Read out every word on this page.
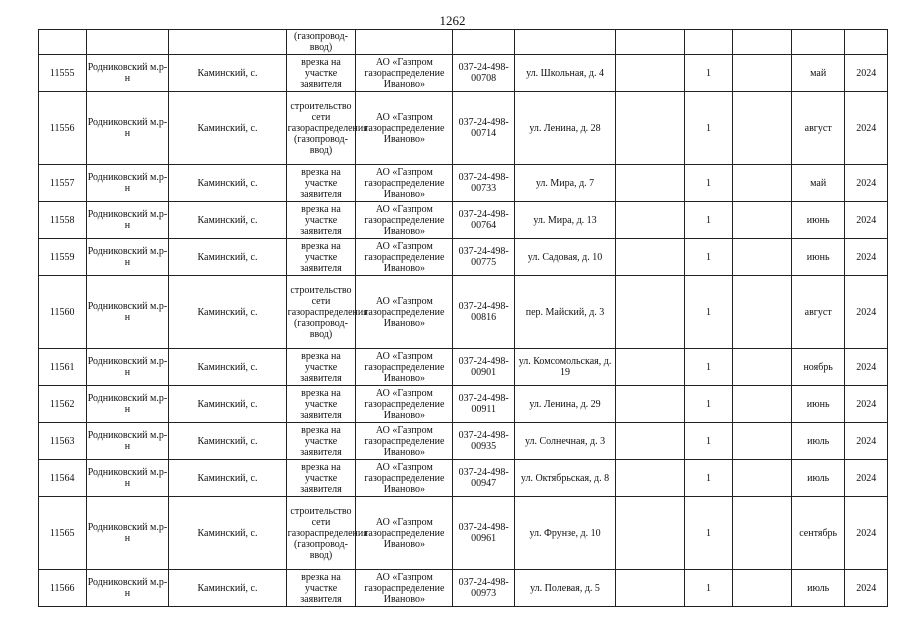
1262
			(газопровод-ввод)								
11555	Родниковский м.р-н	Каминский, с.	врезка на участке заявителя	АО «Газпром газораспределение Иваново»	037-24-498-00708	ул. Школьная, д. 4		1		май	2024
11556	Родниковский м.р-н	Каминский, с.	строительство сети газораспределения (газопровод-ввод)	АО «Газпром газораспределение Иваново»	037-24-498-00714	ул. Ленина, д. 28		1		август	2024
11557	Родниковский м.р-н	Каминский, с.	врезка на участке заявителя	АО «Газпром газораспределение Иваново»	037-24-498-00733	ул. Мира, д. 7		1		май	2024
11558	Родниковский м.р-н	Каминский, с.	врезка на участке заявителя	АО «Газпром газораспределение Иваново»	037-24-498-00764	ул. Мира, д. 13		1		июнь	2024
11559	Родниковский м.р-н	Каминский, с.	врезка на участке заявителя	АО «Газпром газораспределение Иваново»	037-24-498-00775	ул. Садовая, д. 10		1		июнь	2024
11560	Родниковский м.р-н	Каминский, с.	строительство сети газораспределения (газопровод-ввод)	АО «Газпром газораспределение Иваново»	037-24-498-00816	пер. Майский, д. 3		1		август	2024
11561	Родниковский м.р-н	Каминский, с.	врезка на участке заявителя	АО «Газпром газораспределение Иваново»	037-24-498-00901	ул. Комсомольская, д. 19		1		ноябрь	2024
11562	Родниковский м.р-н	Каминский, с.	врезка на участке заявителя	АО «Газпром газораспределение Иваново»	037-24-498-00911	ул. Ленина, д. 29		1		июнь	2024
11563	Родниковский м.р-н	Каминский, с.	врезка на участке заявителя	АО «Газпром газораспределение Иваново»	037-24-498-00935	ул. Солнечная, д. 3		1		июль	2024
11564	Родниковский м.р-н	Каминский, с.	врезка на участке заявителя	АО «Газпром газораспределение Иваново»	037-24-498-00947	ул. Октябрьская, д. 8		1		июль	2024
11565	Родниковский м.р-н	Каминский, с.	строительство сети газораспределения (газопровод-ввод)	АО «Газпром газораспределение Иваново»	037-24-498-00961	ул. Фрунзе, д. 10		1		сентябрь	2024
11566	Родниковский м.р-н	Каминский, с.	врезка на участке заявителя	АО «Газпром газораспределение Иваново»	037-24-498-00973	ул. Полевая, д. 5		1		июль	2024
